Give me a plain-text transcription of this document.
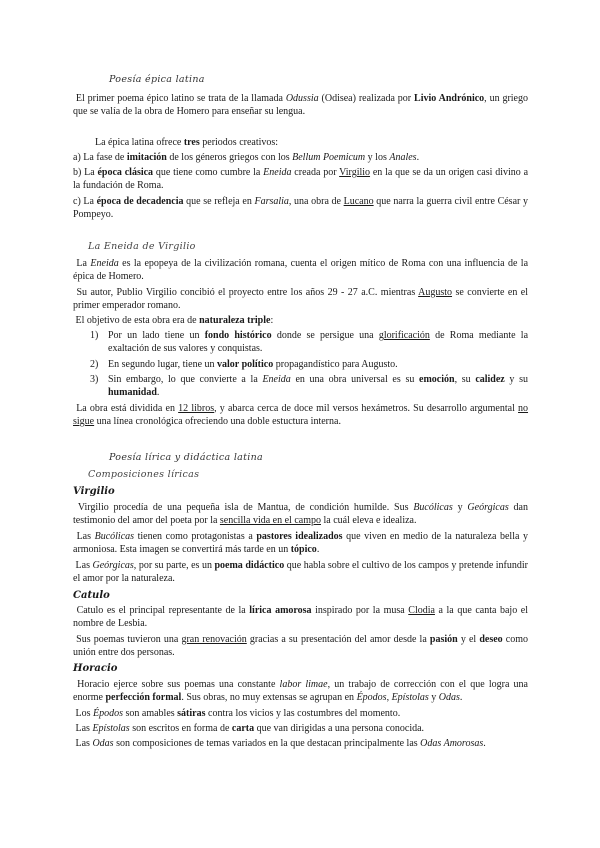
Poesía épica latina
El primer poema épico latino se trata de la llamada Odussia (Odisea) realizada por Livio Andrónico, un griego que se valía de la obra de Homero para enseñar su lengua.
La épica latina ofrece tres periodos creativos:
a) La fase de imitación de los géneros griegos con los Bellum Poemicum y los Anales.
b) La época clásica que tiene como cumbre la Eneida creada por Virgilio en la que se da un origen casi divino a la fundación de Roma.
c) La época de decadencia que se refleja en Farsalia, una obra de Lucano que narra la guerra civil entre César y Pompeyo.
La Eneida de Virgilio
La Eneida es la epopeya de la civilización romana, cuenta el origen mítico de Roma con una influencia de la épica de Homero.
Su autor, Publio Virgilio concibió el proyecto entre los años 29 - 27 a.C. mientras Augusto se convierte en el primer emperador romano.
El objetivo de esta obra era de naturaleza triple:
1) Por un lado tiene un fondo histórico donde se persigue una glorificación de Roma mediante la exaltación de sus valores y conquistas.
2) En segundo lugar, tiene un valor político propagandístico para Augusto.
3) Sin embargo, lo que convierte a la Eneida en una obra universal es su emoción, su calidez y su humanidad.
La obra está dividida en 12 libros, y abarca cerca de doce mil versos hexámetros. Su desarrollo argumental no sigue una línea cronológica ofreciendo una doble estuctura interna.
Poesía lírica y didáctica latina
Composiciones líricas
Virgilio
Virgilio procedía de una pequeña isla de Mantua, de condición humilde. Sus Bucólicas y Geórgicas dan testimonio del amor del poeta por la sencilla vida en el campo la cuál eleva e idealiza.
Las Bucólicas tienen como protagonistas a pastores idealizados que viven en medio de la naturaleza bella y armoniosa. Esta imagen se convertirá más tarde en un tópico.
Las Geórgicas, por su parte, es un poema didáctico que habla sobre el cultivo de los campos y pretende infundir el amor por la naturaleza.
Catulo
Catulo es el principal representante de la lírica amorosa inspirado por la musa Clodia a la que canta bajo el nombre de Lesbia.
Sus poemas tuvieron una gran renovación gracias a su presentación del amor desde la pasión y el deseo como unión entre dos personas.
Horacio
Horacio ejerce sobre sus poemas una constante labor limae, un trabajo de corrección con el que logra una enorme perfección formal. Sus obras, no muy extensas se agrupan en Épodos, Epístolas y Odas.
Los Épodos son amables sátiras contra los vicios y las costumbres del momento.
Las Epístolas son escritos en forma de carta que van dirigidas a una persona conocida.
Las Odas son composiciones de temas variados en la que destacan principalmente las Odas Amorosas.
